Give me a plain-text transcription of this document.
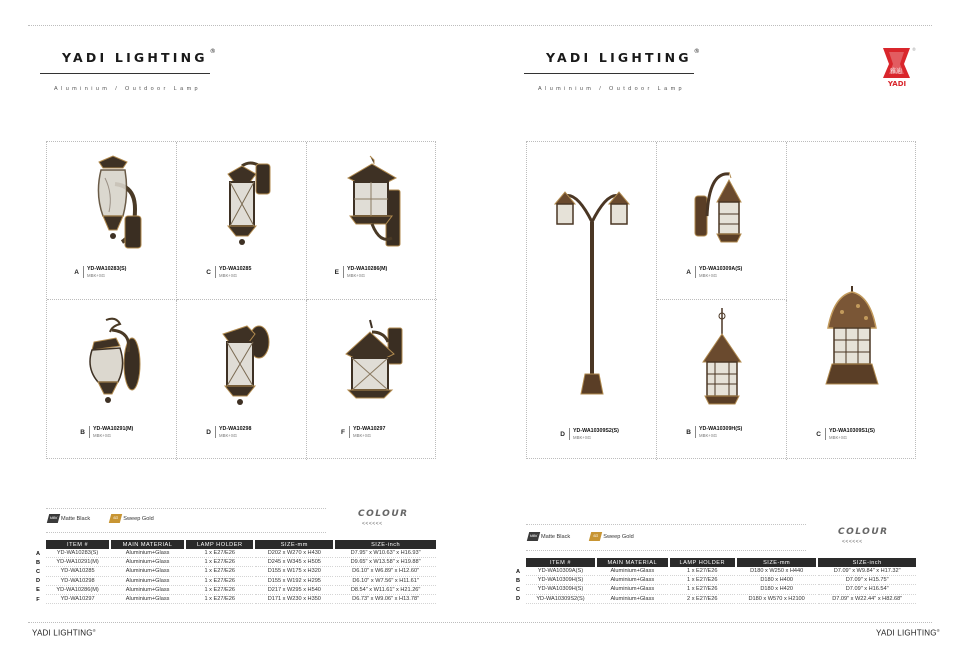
YADI LIGHTING ®
Aluminium / Outdoor Lamp
A YD-WA10283(S)
MBK+SG	C YD-WA10285
MBK+SG	E YD-WA10286(M)
MBK+SG
B YD-WA10291(M)
MBK+SG	D YD-WA10298
MBK+SG	F YD-WA10297
MBK+SG
MBK Matte Black	SG Sweep Gold	COLOUR
<<<<<<
	ITEM #	MAIN MATERIAL	LAMP HOLDER	SIZE-mm	SIZE-inch
A	YD-WA10283(S)	Aluminium+Glass	1 x E27/E26	D202 x W270 x H430	D7.95" x W10.63" x H16.93"
B	YD-WA10291(M)	Aluminium+Glass	1 x E27/E26	D245 x W345 x H505	D9.65" x W13.58" x H19.88"
C	YD-WA10285	Aluminium+Glass	1 x E27/E26	D155 x W175 x H320	D6.10" x W6.89" x H12.60"
D	YD-WA10298	Aluminium+Glass	1 x E27/E26	D155 x W192 x H295	D6.10" x W7.56" x H11.61"
E	YD-WA10286(M)	Aluminium+Glass	1 x E27/E26	D217 x W295 x H540	D8.54" x W11.61" x H21.26"
F	YD-WA10297	Aluminium+Glass	1 x E27/E26	D171 x W230 x H350	D6.73" x W9.06" x H13.78"
YADI LIGHTING®
YADI LIGHTING ®
Aluminium / Outdoor Lamp
D YD-WA10309S2(S)
MBK+SG
A YD-WA10309A(S)
MBK+SG
B YD-WA10309H(S)
MBK+SG	C YD-WA10309S1(S)
MBK+SG
MBK Matte Black	SG Sweep Gold	COLOUR
<<<<<<
	ITEM #	MAIN MATERIAL	LAMP HOLDER	SIZE-mm	SIZE-inch
A	YD-WA10309A(S)	Aluminium+Glass	1 x E27/E26	D180 x W250 x H440	D7.09" x W9.84" x H17.32"
B	YD-WA10309H(S)	Aluminium+Glass	1 x E27/E26	D180 x H400	D7.09" x H15.75"
C	YD-WA10309H(S)	Aluminium+Glass	1 x E27/E26	D180 x H420	D7.09" x H16.54"
D	YD-WA10309S2(S)	Aluminium+Glass	2 x E27/E26	D180 x W570 x H2100	D7.09" x W22.44" x H82.68"
YADI LIGHTING®
雅迪
YADI
®
